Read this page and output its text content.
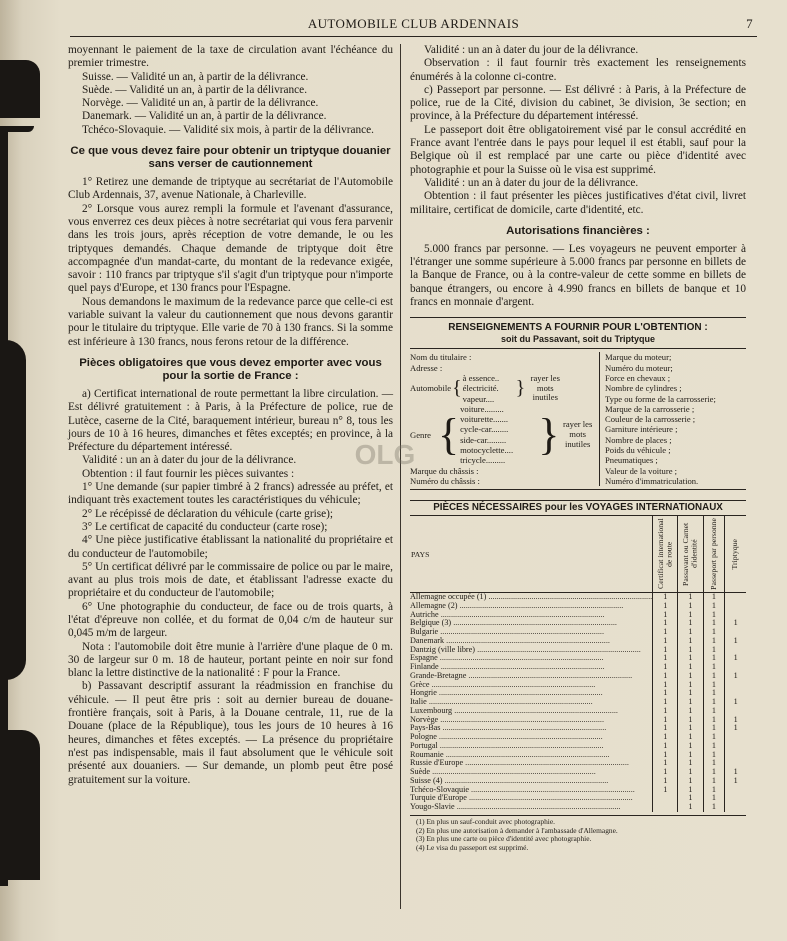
AUTOMOBILE CLUB ARDENNAIS	7

moyennant le paiement de la taxe de circulation avant l'échéance du premier trimestre.

Suisse. — Validité un an, à partir de la délivrance.

Suède. — Validité un an, à partir de la délivrance.

Norvège. — Validité un an, à partir de la délivrance.

Danemark. — Validité un an, à partir de la délivrance.

Tchéco-Slovaquie. — Validité six mois, à partir de la délivrance.

Ce que vous devez faire pour obtenir un triptyque douanier sans verser de cautionnement

1° Retirez une demande de triptyque au secrétariat de l'Automobile Club Ardennais, 37, avenue Nationale, à Charleville.

2° Lorsque vous aurez rempli la formule et l'avenant d'assurance, vous enverrez ces deux pièces à notre secrétariat qui vous fera parvenir dans les trois jours, après réception de votre demande, le ou les triptyques demandés. Chaque demande de triptyque doit être accompagnée d'un mandat-carte, du montant de la redevance exigée, savoir : 110 francs par triptyque s'il s'agit d'un triptyque pour n'importe quel pays d'Europe, et 130 francs pour l'Espagne.

Nous demandons le maximum de la redevance parce que celle-ci est variable suivant la valeur du cautionnement que nous devons garantir pour le titulaire du triptyque. Elle varie de 70 à 130 francs. Si la somme est inférieure à 130 francs, nous ferons retour de la différence.

Pièces obligatoires que vous devez emporter avec vous pour la sortie de France :

a) Certificat international de route permettant la libre circulation. — Est délivré gratuitement : à Paris, à la Préfecture de police, rue de Lutèce, caserne de la Cité, baraquement intérieur, bureau n° 8, tous les jours de 10 à 16 heures, dimanches et fêtes exceptés; en province, à la Préfecture du département intéressé.

Validité : un an à dater du jour de la délivrance.

Obtention : il faut fournir les pièces suivantes :

1° Une demande (sur papier timbré à 2 francs) adressée au préfet, et indiquant très exactement toutes les caractéristiques du véhicule;

2° Le récépissé de déclaration du véhicule (carte grise);

3° Le certificat de capacité du conducteur (carte rose);

4° Une pièce justificative établissant la nationalité du propriétaire et du conducteur de l'automobile;

5° Un certificat délivré par le commissaire de police ou par le maire, avant au plus trois mois de date, et établissant l'adresse exacte du propriétaire et du conducteur de l'automobile;

6° Une photographie du conducteur, de face ou de trois quarts, à l'état d'épreuve non collée, et du format de 0,04 c/m de hauteur sur 0,045 m/m de largeur.

Nota : l'automobile doit être munie à l'arrière d'une plaque de 0 m. 30 de largeur sur 0 m. 18 de hauteur, portant peinte en noir sur fond blanc la lettre distinctive de la nationalité : F pour la France.

b) Passavant descriptif assurant la réadmission en franchise du véhicule. — Il peut être pris : soit au dernier bureau de douane-frontière français, soit à Paris, à la Douane centrale, 11, rue de la Douane (place de la République), tous les jours de 10 heures à 16 heures, dimanches et fêtes exceptés. — La présence du propriétaire n'est pas indispensable, mais il faut absolument que le véhicule soit présenté aux douaniers. — Sur demande, un plomb peut être posé gratuitement sur la voiture.

Validité : un an à dater du jour de la délivrance.

Observation : il faut fournir très exactement les renseignements énumérés à la colonne ci-contre.

c) Passeport par personne. — Est délivré : à Paris, à la Préfecture de police, rue de la Cité, division du cabinet, 3e division, 3e section; en province, à la Préfecture du département intéressé.

Le passeport doit être obligatoirement visé par le consul accrédité en France avant l'entrée dans le pays pour lequel il est établi, sauf pour la Belgique où il est remplacé par une carte ou pièce d'identité avec photographie et pour la Suisse où le visa est supprimé.

Validité : un an à dater du jour de la délivrance.

Obtention : il faut présenter les pièces justificatives d'état civil, livret militaire, certificat de domicile, carte d'identité, etc.

Autorisations financières :

5.000 francs par personne. — Les voyageurs ne peuvent emporter à l'étranger une somme supérieure à 5.000 francs par personne en billets de la Banque de France, ou à la contre-valeur de cette somme en billets de banque étrangers, ou encore à 4.990 francs en billets de banque et 10 francs en monnaie d'argent.

RENSEIGNEMENTS A FOURNIR POUR L'OBTENTION :
soit du Passavant, soit du Triptyque
Nom du titulaire :
Adresse :
Automobile { à essence..
électricité.
vapeur....	} rayer les mots inutiles
Genre {
voiture.........
voiturette.......
cycle-car........
side-car.........
motocyclette....
tricycle.........
} rayer les mots inutiles
Marque du châssis :
Numéro du châssis :
Marque du moteur;
Numéro du moteur;
Force en chevaux ;
Nombre de cylindres ;
Type ou forme de la carrosserie;
Marque de la carrosserie ;
Couleur de la carrosserie ;
Garniture intérieure ;
Nombre de places ;
Poids du véhicule ;
Pneumatiques ;
Valeur de la voiture ;
Numéro d'immatriculation.
PIÈCES NÉCESSAIRES pour les VOYAGES INTERNATIONAUX
PAYS	Certificat international de route	Passavant ou Carnet d'identité	Passeport par personne	Triptyque

Allemagne occupée (1) ................................................................................	1	1	1	
Allemagne (2) ................................................................................	1	1	1	
Autriche ................................................................................	1	1	1	
Belgique (3) ................................................................................	1	1	1	1
Bulgarie ................................................................................	1	1	1	
Danemark ................................................................................	1	1	1	1
Dantzig (ville libre) ................................................................................	1	1	1	
Espagne ................................................................................	1	1	1	1
Finlande ................................................................................	1	1	1	
Grande-Bretagne ................................................................................	1	1	1	1
Grèce ................................................................................	1	1	1	
Hongrie ................................................................................	1	1	1	
Italie ................................................................................	1	1	1	1
Luxembourg ................................................................................	1	1	1	
Norvège ................................................................................	1	1	1	1
Pays-Bas ................................................................................	1	1	1	1
Pologne ................................................................................	1	1	1	
Portugal ................................................................................	1	1	1	
Roumanie ................................................................................	1	1	1	
Russie d'Europe ................................................................................	1	1	1	
Suède ................................................................................	1	1	1	1
Suisse (4) ................................................................................	1	1	1	1
Tchéco-Slovaquie ................................................................................	1	1	1	
Turquie d'Europe ................................................................................		1	1	
Yougo-Slavie ................................................................................		1	1	
(1) En plus un sauf-conduit avec photographie.
(2) En plus une autorisation à demander à l'ambassade d'Allemagne.
(3) En plus une carte ou pièce d'identité avec photographie.
(4) Le visa du passeport est supprimé.
OLG
